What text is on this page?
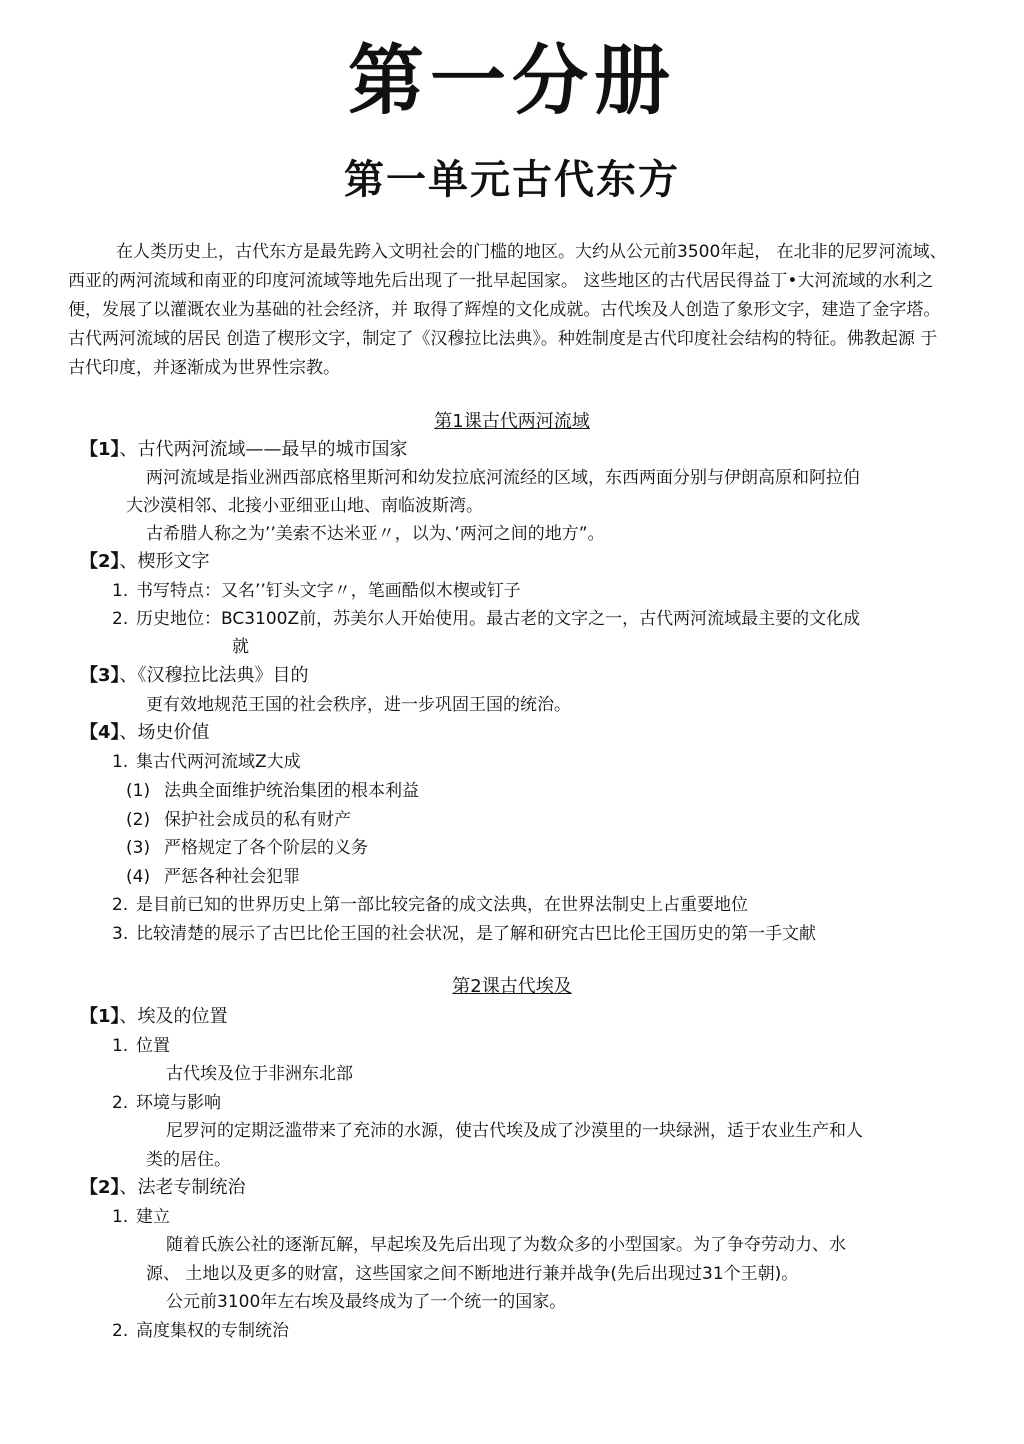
第一分册
第一单元古代东方

在人类历史上，古代东方是最先跨入文明社会的门槛的地区。大约从公元前3500年起， 在北非的尼罗河流域、西亚的两河流域和南亚的印度河流域等地先后出现了一批早起国家。 这些地区的古代居民得益丁•大河流域的水利之便，发展了以灌溉农业为基础的社会经济，并 取得了辉煌的文化成就。古代埃及人创造了象形文字，建造了金字塔。古代两河流域的居民 创造了楔形文字，制定了《汉穆拉比法典》。种姓制度是古代印度社会结构的特征。佛教起源 于古代印度，并逐渐成为世界性宗教。

第1课古代两河流域
【1】、古代两河流域——最早的城市国家
两河流域是指业洲西部底格里斯河和幼发拉底河流经的区域，东西两面分别与伊朗高原和阿拉伯
大沙漠相邻、北接小亚细亚山地、南临波斯湾。
古希腊人称之为’’美索不达米亚〃，以为、’两河之间的地方”。
【2】、楔形文字
1. 书写特点：又名’’钉头文字〃，笔画酷似木楔或钉子
2. 历史地位：BC3100Z前，苏美尔人开始使用。最古老的文字之一，古代两河流域最主要的文化成
就
【3】、《汉穆拉比法典》目的
更有效地规范王国的社会秩序，进一步巩固王国的统治。
【4】、场史价值
1. 集古代两河流域Z大成
(1) 法典全面维护统治集团的根本利益
(2) 保护社会成员的私有财产
(3) 严格规定了各个阶层的义务
(4) 严惩各种社会犯罪
2. 是目前已知的世界历史上第一部比较完备的成文法典，在世界法制史上占重要地位
3. 比较清楚的展示了古巴比伦王国的社会状况，是了解和研究古巴比伦王国历史的第一手文献
第2课古代埃及
【1】、埃及的位置
1. 位置
古代埃及位于非洲东北部
2. 环境与影响
尼罗河的定期泛滥带来了充沛的水源，使古代埃及成了沙漠里的一块绿洲，适于农业生产和人
类的居住。
【2】、法老专制统治
1. 建立
随着氏族公社的逐渐瓦解，早起埃及先后出现了为数众多的小型国家。为了争夺劳动力、水
源、 土地以及更多的财富，这些国家之间不断地进行兼并战争(先后出现过31个王朝)。
公元前3100年左右埃及最终成为了一个统一的国家。
2. 高度集权的专制统治
